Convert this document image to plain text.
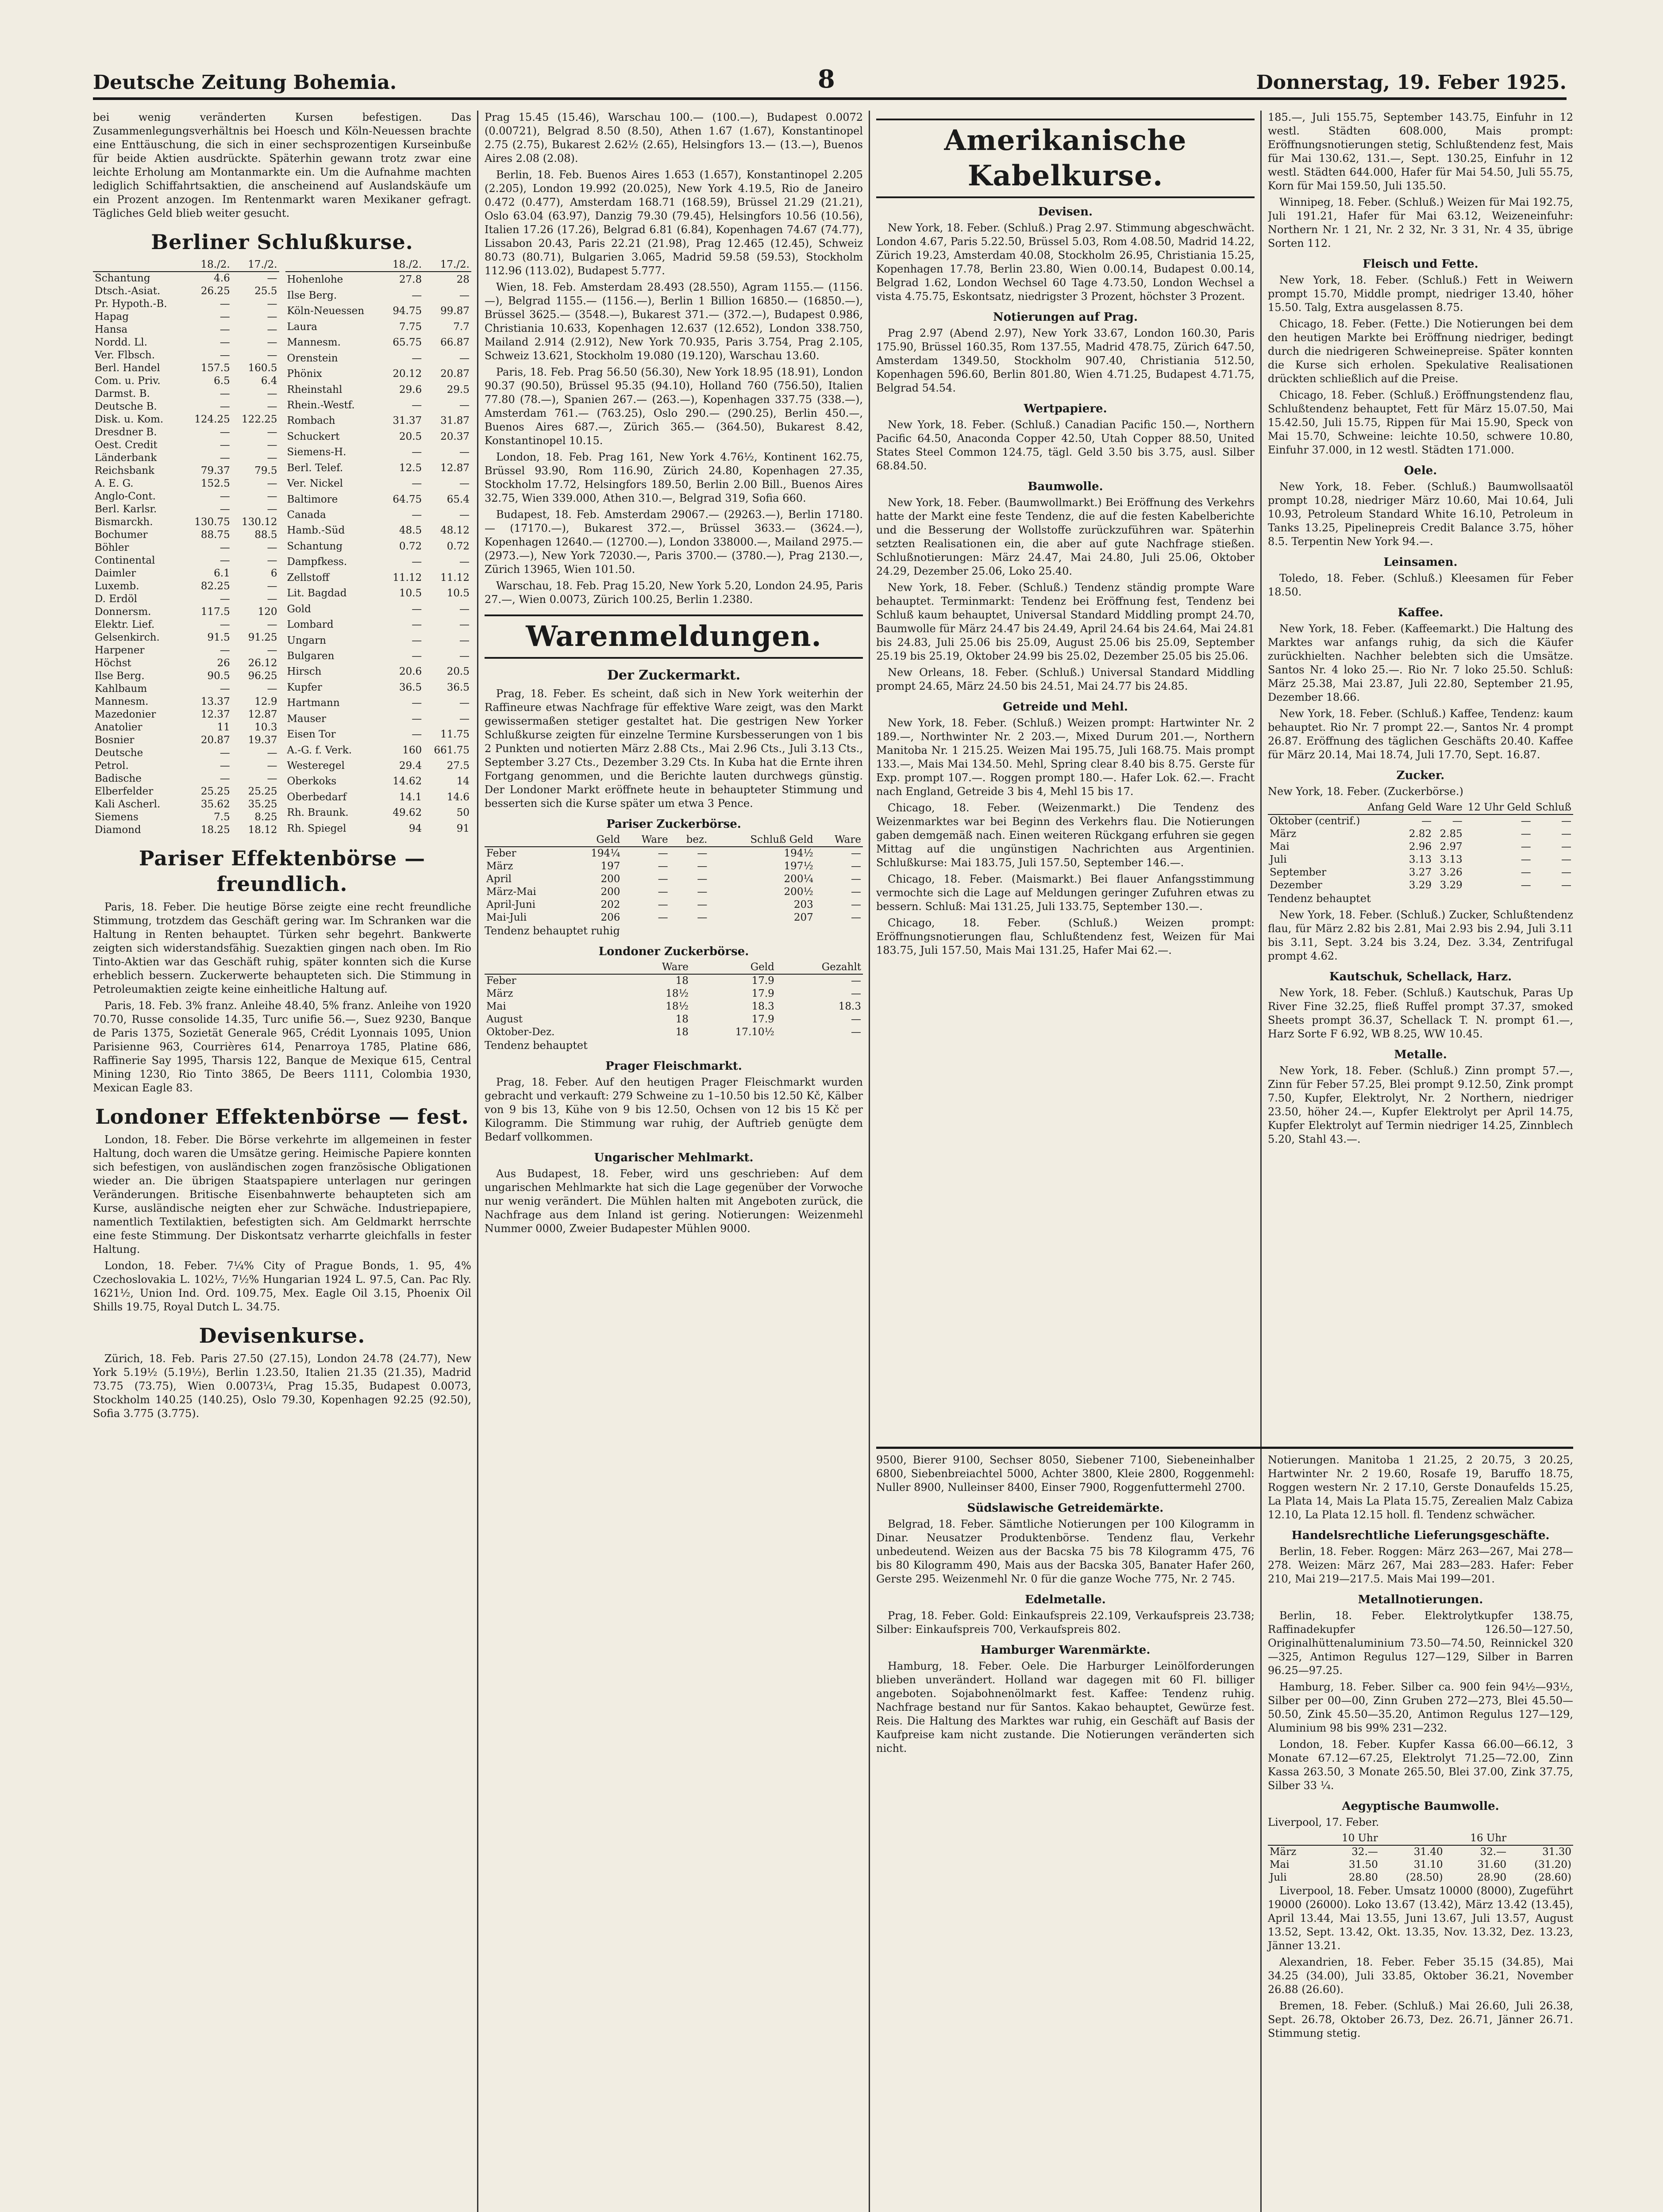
Deutsche Zeitung Bohemia.	8	Donnerstag, 19. Feber 1925.

bei wenig veränderten Kursen befestigen. Das Zusammenlegungsverhältnis bei Hoesch und Köln-Neuessen brachte eine Enttäuschung, die sich in einer sechsprozentigen Kurseinbuße für beide Aktien ausdrückte. Späterhin gewann trotz zwar eine leichte Erholung am Montanmarkte ein. Um die Aufnahme machten lediglich Schiffahrtsaktien, die anscheinend auf Auslandskäufe um ein Prozent anzogen. Im Rentenmarkt waren Mexikaner gefragt. Tägliches Geld blieb weiter gesucht.

Berliner Schlußkurse.
	18./2.	17./2.
Schantung	4.6	—
Dtsch.-Asiat.	26.25	25.5
Pr. Hypoth.-B.	—	—
Hapag	—	—
Hansa	—	—
Nordd. Ll.	—	—
Ver. Flbsch.	—	—
Berl. Handel	157.5	160.5
Com. u. Priv.	6.5	6.4
Darmst. B.	—	—
Deutsche B.	—	—
Disk. u. Kom.	124.25	122.25
Dresdner B.	—	—
Oest. Credit	—	—
Länderbank	—	—
Reichsbank	79.37	79.5
A. E. G.	152.5	—
Anglo-Cont.	—	—
Berl. Karlsr.	—	—
Bismarckh.	130.75	130.12
Bochumer	88.75	88.5
Böhler	—	—
Continental	—	—
Daimler	6.1	6
Luxemb.	82.25	—
D. Erdöl	—	—
Donnersm.	117.5	120
Elektr. Lief.	—	—
Gelsenkirch.	91.5	91.25
Harpener	—	—
Höchst	26	26.12
Ilse Berg.	90.5	96.25
Kahlbaum	—	—
Mannesm.	13.37	12.9
Mazedonier	12.37	12.87
Anatolier	11	10.3
Bosnier	20.87	19.37
Deutsche	—	—
Petrol.	—	—
Badische	—	—
Elberfelder	25.25	25.25
Kali Ascherl.	35.62	35.25
Siemens	7.5	8.25
Diamond	18.25	18.12
	18./2.	17./2.
Hohenlohe	27.8	28
Ilse Berg.	—	—
Köln-Neuessen	94.75	99.87
Laura	7.75	7.7
Mannesm.	65.75	66.87
Orenstein	—	—
Phönix	20.12	20.87
Rheinstahl	29.6	29.5
Rhein.-Westf.	—	—
Rombach	31.37	31.87
Schuckert	20.5	20.37
Siemens-H.	—	—
Berl. Telef.	12.5	12.87
Ver. Nickel	—	—
Baltimore	64.75	65.4
Canada	—	—
Hamb.-Süd	48.5	48.12
Schantung	0.72	0.72
Dampfkess.	—	—
Zellstoff	11.12	11.12
Lit. Bagdad	10.5	10.5
Gold	—	—
Lombard	—	—
Ungarn	—	—
Bulgaren	—	—
Hirsch	20.6	20.5
Kupfer	36.5	36.5
Hartmann	—	—
Mauser	—	—
Eisen Tor	—	11.75
A.-G. f. Verk.	160	661.75
Westeregel	29.4	27.5
Oberkoks	14.62	14
Oberbedarf	14.1	14.6
Rh. Braunk.	49.62	50
Rh. Spiegel	94	91
Pariser Effektenbörse — freundlich.

Paris, 18. Feber. Die heutige Börse zeigte eine recht freundliche Stimmung, trotzdem das Geschäft gering war. Im Schranken war die Haltung in Renten behauptet. Türken sehr begehrt. Bankwerte zeigten sich widerstandsfähig. Suezaktien gingen nach oben. Im Rio Tinto-Aktien war das Geschäft ruhig, später konnten sich die Kurse erheblich bessern. Zuckerwerte behaupteten sich. Die Stimmung in Petroleumaktien zeigte keine einheitliche Haltung auf.

Paris, 18. Feb. 3% franz. Anleihe 48.40, 5% franz. Anleihe von 1920 70.70, Russe consolide 14.35, Turc unifie 56.—, Suez 9230, Banque de Paris 1375, Sozietät Generale 965, Crédit Lyonnais 1095, Union Parisienne 963, Courrières 614, Penarroya 1785, Platine 686, Raffinerie Say 1995, Tharsis 122, Banque de Mexique 615, Central Mining 1230, Rio Tinto 3865, De Beers 1111, Colombia 1930, Mexican Eagle 83.

Londoner Effektenbörse — fest.

London, 18. Feber. Die Börse verkehrte im allgemeinen in fester Haltung, doch waren die Umsätze gering. Heimische Papiere konnten sich befestigen, von ausländischen zogen französische Obligationen wieder an. Die übrigen Staatspapiere unterlagen nur geringen Veränderungen. Britische Eisenbahnwerte behaupteten sich am Kurse, ausländische neigten eher zur Schwäche. Industriepapiere, namentlich Textilaktien, befestigten sich. Am Geldmarkt herrschte eine feste Stimmung. Der Diskontsatz verharrte gleichfalls in fester Haltung.

London, 18. Feber. 7¼% City of Prague Bonds, 1. 95, 4% Czechoslovakia L. 102½, 7½% Hungarian 1924 L. 97.5, Can. Pac Rly. 1621½, Union Ind. Ord. 109.75, Mex. Eagle Oil 3.15, Phoenix Oil Shills 19.75, Royal Dutch L. 34.75.

Devisenkurse.

Zürich, 18. Feb. Paris 27.50 (27.15), London 24.78 (24.77), New York 5.19½ (5.19½), Berlin 1.23.50, Italien 21.35 (21.35), Madrid 73.75 (73.75), Wien 0.0073¼, Prag 15.35, Budapest 0.0073, Stockholm 140.25 (140.25), Oslo 79.30, Kopenhagen 92.25 (92.50), Sofia 3.775 (3.775).

Prag 15.45 (15.46), Warschau 100.— (100.—), Budapest 0.0072 (0.00721), Belgrad 8.50 (8.50), Athen 1.67 (1.67), Konstantinopel 2.75 (2.75), Bukarest 2.62½ (2.65), Helsingfors 13.— (13.—), Buenos Aires 2.08 (2.08).

Berlin, 18. Feb. Buenos Aires 1.653 (1.657), Konstantinopel 2.205 (2.205), London 19.992 (20.025), New York 4.19.5, Rio de Janeiro 0.472 (0.477), Amsterdam 168.71 (168.59), Brüssel 21.29 (21.21), Oslo 63.04 (63.97), Danzig 79.30 (79.45), Helsingfors 10.56 (10.56), Italien 17.26 (17.26), Belgrad 6.81 (6.84), Kopenhagen 74.67 (74.77), Lissabon 20.43, Paris 22.21 (21.98), Prag 12.465 (12.45), Schweiz 80.73 (80.71), Bulgarien 3.065, Madrid 59.58 (59.53), Stockholm 112.96 (113.02), Budapest 5.777.

Wien, 18. Feb. Amsterdam 28.493 (28.550), Agram 1155.— (1156.—), Belgrad 1155.— (1156.—), Berlin 1 Billion 16850.— (16850.—), Brüssel 3625.— (3548.—), Bukarest 371.— (372.—), Budapest 0.986, Christiania 10.633, Kopenhagen 12.637 (12.652), London 338.750, Mailand 2.914 (2.912), New York 70.935, Paris 3.754, Prag 2.105, Schweiz 13.621, Stockholm 19.080 (19.120), Warschau 13.60.

Paris, 18. Feb. Prag 56.50 (56.30), New York 18.95 (18.91), London 90.37 (90.50), Brüssel 95.35 (94.10), Holland 760 (756.50), Italien 77.80 (78.—), Spanien 267.— (263.—), Kopenhagen 337.75 (338.—), Amsterdam 761.— (763.25), Oslo 290.— (290.25), Berlin 450.—, Buenos Aires 687.—, Zürich 365.— (364.50), Bukarest 8.42, Konstantinopel 10.15.

London, 18. Feb. Prag 161, New York 4.76½, Kontinent 162.75, Brüssel 93.90, Rom 116.90, Zürich 24.80, Kopenhagen 27.35, Stockholm 17.72, Helsingfors 189.50, Berlin 2.00 Bill., Buenos Aires 32.75, Wien 339.000, Athen 310.—, Belgrad 319, Sofia 660.

Budapest, 18. Feb. Amsterdam 29067.— (29263.—), Berlin 17180.— (17170.—), Bukarest 372.—, Brüssel 3633.— (3624.—), Kopenhagen 12640.— (12700.—), London 338000.—, Mailand 2975.— (2973.—), New York 72030.—, Paris 3700.— (3780.—), Prag 2130.—, Zürich 13965, Wien 101.50.

Warschau, 18. Feb. Prag 15.20, New York 5.20, London 24.95, Paris 27.—, Wien 0.0073, Zürich 100.25, Berlin 1.2380.

Warenmeldungen.
Der Zuckermarkt.

Prag, 18. Feber. Es scheint, daß sich in New York weiterhin der Raffineure etwas Nachfrage für effektive Ware zeigt, was den Markt gewissermaßen stetiger gestaltet hat. Die gestrigen New Yorker Schlußkurse zeigten für einzelne Termine Kursbesserungen von 1 bis 2 Punkten und notierten März 2.88 Cts., Mai 2.96 Cts., Juli 3.13 Cts., September 3.27 Cts., Dezember 3.29 Cts. In Kuba hat die Ernte ihren Fortgang genommen, und die Berichte lauten durchwegs günstig. Der Londoner Markt eröffnete heute in behaupteter Stimmung und besserten sich die Kurse später um etwa 3 Pence.

Pariser Zuckerbörse.
	Geld	Ware	bez.	Schluß Geld	Ware
Feber	194¼	—	—	194½	—
März	197	—	—	197½	—
April	200	—	—	200¼	—
März-Mai	200	—	—	200½	—
April-Juni	202	—	—	203	—
Mai-Juli	206	—	—	207	—

Tendenz behauptet ruhig

Londoner Zuckerbörse.
	Ware	Geld	Gezahlt
Feber	18	17.9	—
März	18½	17.9	—
Mai	18½	18.3	18.3
August	18	17.9	—
Oktober-Dez.	18	17.10½	—

Tendenz behauptet

Prager Fleischmarkt.

Prag, 18. Feber. Auf den heutigen Prager Fleischmarkt wurden gebracht und verkauft: 279 Schweine zu 1–10.50 bis 12.50 Kč, Kälber von 9 bis 13, Kühe von 9 bis 12.50, Ochsen von 12 bis 15 Kč per Kilogramm. Die Stimmung war ruhig, der Auftrieb genügte dem Bedarf vollkommen.

Ungarischer Mehlmarkt.

Aus Budapest, 18. Feber, wird uns geschrieben: Auf dem ungarischen Mehlmarkte hat sich die Lage gegenüber der Vorwoche nur wenig verändert. Die Mühlen halten mit Angeboten zurück, die Nachfrage aus dem Inland ist gering. Notierungen: Weizenmehl Nummer 0000, Zweier Budapester Mühlen 9000.

Amerikanische Kabelkurse.
Devisen.

New York, 18. Feber. (Schluß.) Prag 2.97. Stimmung abgeschwächt. London 4.67, Paris 5.22.50, Brüssel 5.03, Rom 4.08.50, Madrid 14.22, Zürich 19.23, Amsterdam 40.08, Stockholm 26.95, Christiania 15.25, Kopenhagen 17.78, Berlin 23.80, Wien 0.00.14, Budapest 0.00.14, Belgrad 1.62, London Wechsel 60 Tage 4.73.50, London Wechsel a vista 4.75.75, Eskontsatz, niedrigster 3 Prozent, höchster 3 Prozent.

Notierungen auf Prag.

Prag 2.97 (Abend 2.97), New York 33.67, London 160.30, Paris 175.90, Brüssel 160.35, Rom 137.55, Madrid 478.75, Zürich 647.50, Amsterdam 1349.50, Stockholm 907.40, Christiania 512.50, Kopenhagen 596.60, Berlin 801.80, Wien 4.71.25, Budapest 4.71.75, Belgrad 54.54.

Wertpapiere.

New York, 18. Feber. (Schluß.) Canadian Pacific 150.—, Northern Pacific 64.50, Anaconda Copper 42.50, Utah Copper 88.50, United States Steel Common 124.75, tägl. Geld 3.50 bis 3.75, ausl. Silber 68.84.50.

Baumwolle.

New York, 18. Feber. (Baumwollmarkt.) Bei Eröffnung des Verkehrs hatte der Markt eine feste Tendenz, die auf die festen Kabelberichte und die Besserung der Wollstoffe zurückzuführen war. Späterhin setzten Realisationen ein, die aber auf gute Nachfrage stießen. Schlußnotierungen: März 24.47, Mai 24.80, Juli 25.06, Oktober 24.29, Dezember 25.06, Loko 25.40.

New York, 18. Feber. (Schluß.) Tendenz ständig prompte Ware behauptet. Terminmarkt: Tendenz bei Eröffnung fest, Tendenz bei Schluß kaum behauptet, Universal Standard Middling prompt 24.70, Baumwolle für März 24.47 bis 24.49, April 24.64 bis 24.64, Mai 24.81 bis 24.83, Juli 25.06 bis 25.09, August 25.06 bis 25.09, September 25.19 bis 25.19, Oktober 24.99 bis 25.02, Dezember 25.05 bis 25.06.

New Orleans, 18. Feber. (Schluß.) Universal Standard Middling prompt 24.65, März 24.50 bis 24.51, Mai 24.77 bis 24.85.

Getreide und Mehl.

New York, 18. Feber. (Schluß.) Weizen prompt: Hartwinter Nr. 2 189.—, Northwinter Nr. 2 203.—, Mixed Durum 201.—, Northern Manitoba Nr. 1 215.25. Weizen Mai 195.75, Juli 168.75. Mais prompt 133.—, Mais Mai 134.50. Mehl, Spring clear 8.40 bis 8.75. Gerste für Exp. prompt 107.—. Roggen prompt 180.—. Hafer Lok. 62.—. Fracht nach England, Getreide 3 bis 4, Mehl 15 bis 17.

Chicago, 18. Feber. (Weizenmarkt.) Die Tendenz des Weizenmarktes war bei Beginn des Verkehrs flau. Die Notierungen gaben demgemäß nach. Einen weiteren Rückgang erfuhren sie gegen Mittag auf die ungünstigen Nachrichten aus Argentinien. Schlußkurse: Mai 183.75, Juli 157.50, September 146.—.

Chicago, 18. Feber. (Maismarkt.) Bei flauer Anfangsstimmung vermochte sich die Lage auf Meldungen geringer Zufuhren etwas zu bessern. Schluß: Mai 131.25, Juli 133.75, September 130.—.

Chicago, 18. Feber. (Schluß.) Weizen prompt: Eröffnungsnotierungen flau, Schlußtendenz fest, Weizen für Mai 183.75, Juli 157.50, Mais Mai 131.25, Hafer Mai 62.—.

185.—, Juli 155.75, September 143.75, Einfuhr in 12 westl. Städten 608.000, Mais prompt: Eröffnungsnotierungen stetig, Schlußtendenz fest, Mais für Mai 130.62, 131.—, Sept. 130.25, Einfuhr in 12 westl. Städten 644.000, Hafer für Mai 54.50, Juli 55.75, Korn für Mai 159.50, Juli 135.50.

Winnipeg, 18. Feber. (Schluß.) Weizen für Mai 192.75, Juli 191.21, Hafer für Mai 63.12, Weizeneinfuhr: Northern Nr. 1 21, Nr. 2 32, Nr. 3 31, Nr. 4 35, übrige Sorten 112.

Fleisch und Fette.

New York, 18. Feber. (Schluß.) Fett in Weiwern prompt 15.70, Middle prompt, niedriger 13.40, höher 15.50. Talg, Extra ausgelassen 8.75.

Chicago, 18. Feber. (Fette.) Die Notierungen bei dem den heutigen Markte bei Eröffnung niedriger, bedingt durch die niedrigeren Schweinepreise. Später konnten die Kurse sich erholen. Spekulative Realisationen drückten schließlich auf die Preise.

Chicago, 18. Feber. (Schluß.) Eröffnungstendenz flau, Schlußtendenz behauptet, Fett für März 15.07.50, Mai 15.42.50, Juli 15.75, Rippen für Mai 15.90, Speck von Mai 15.70, Schweine: leichte 10.50, schwere 10.80, Einfuhr 37.000, in 12 westl. Städten 171.000.

Oele.

New York, 18. Feber. (Schluß.) Baumwollsaatöl prompt 10.28, niedriger März 10.60, Mai 10.64, Juli 10.93, Petroleum Standard White 16.10, Petroleum in Tanks 13.25, Pipelinepreis Credit Balance 3.75, höher 8.5. Terpentin New York 94.—.

Leinsamen.

Toledo, 18. Feber. (Schluß.) Kleesamen für Feber 18.50.

Kaffee.

New York, 18. Feber. (Kaffeemarkt.) Die Haltung des Marktes war anfangs ruhig, da sich die Käufer zurückhielten. Nachher belebten sich die Umsätze. Santos Nr. 4 loko 25.—. Rio Nr. 7 loko 25.50. Schluß: März 25.38, Mai 23.87, Juli 22.80, September 21.95, Dezember 18.66.

New York, 18. Feber. (Schluß.) Kaffee, Tendenz: kaum behauptet. Rio Nr. 7 prompt 22.—, Santos Nr. 4 prompt 26.87. Eröffnung des täglichen Geschäfts 20.40. Kaffee für März 20.14, Mai 18.74, Juli 17.70, Sept. 16.87.

Zucker.

New York, 18. Feber. (Zuckerbörse.)

	Anfang Geld	Ware	12 Uhr Geld	Schluß
Oktober (centrif.)	—	—	—	—
März	2.82	2.85	—	—
Mai	2.96	2.97	—	—
Juli	3.13	3.13	—	—
September	3.27	3.26	—	—
Dezember	3.29	3.29	—	—

Tendenz behauptet

New York, 18. Feber. (Schluß.) Zucker, Schlußtendenz flau, für März 2.82 bis 2.81, Mai 2.93 bis 2.94, Juli 3.11 bis 3.11, Sept. 3.24 bis 3.24, Dez. 3.34, Zentrifugal prompt 4.62.

Kautschuk, Schellack, Harz.

New York, 18. Feber. (Schluß.) Kautschuk, Paras Up River Fine 32.25, fließ Ruffel prompt 37.37, smoked Sheets prompt 36.37, Schellack T. N. prompt 61.—, Harz Sorte F 6.92, WB 8.25, WW 10.45.

Metalle.

New York, 18. Feber. (Schluß.) Zinn prompt 57.—, Zinn für Feber 57.25, Blei prompt 9.12.50, Zink prompt 7.50, Kupfer, Elektrolyt, Nr. 2 Northern, niedriger 23.50, höher 24.—, Kupfer Elektrolyt per April 14.75, Kupfer Elektrolyt auf Termin niedriger 14.25, Zinnblech 5.20, Stahl 43.—.

9500, Bierer 9100, Sechser 8050, Siebener 7100, Siebeneinhalber 6800, Siebenbreiachtel 5000, Achter 3800, Kleie 2800, Roggenmehl: Nuller 8900, Nulleinser 8400, Einser 7900, Roggenfuttermehl 2700.

Südslawische Getreidemärkte.

Belgrad, 18. Feber. Sämtliche Notierungen per 100 Kilogramm in Dinar. Neusatzer Produktenbörse. Tendenz flau, Verkehr unbedeutend. Weizen aus der Bacska 75 bis 78 Kilogramm 475, 76 bis 80 Kilogramm 490, Mais aus der Bacska 305, Banater Hafer 260, Gerste 295. Weizenmehl Nr. 0 für die ganze Woche 775, Nr. 2 745.

Edelmetalle.

Prag, 18. Feber. Gold: Einkaufspreis 22.109, Verkaufspreis 23.738; Silber: Einkaufspreis 700, Verkaufspreis 802.

Hamburger Warenmärkte.

Hamburg, 18. Feber. Oele. Die Harburger Leinölforderungen blieben unverändert. Holland war dagegen mit 60 Fl. billiger angeboten. Sojabohnenölmarkt fest. Kaffee: Tendenz ruhig. Nachfrage bestand nur für Santos. Kakao behauptet, Gewürze fest. Reis. Die Haltung des Marktes war ruhig, ein Geschäft auf Basis der Kaufpreise kam nicht zustande. Die Notierungen veränderten sich nicht.

Notierungen. Manitoba 1 21.25, 2 20.75, 3 20.25, Hartwinter Nr. 2 19.60, Rosafe 19, Baruffo 18.75, Roggen western Nr. 2 17.10, Gerste Donaufelds 15.25, La Plata 14, Mais La Plata 15.75, Zerealien Malz Cabiza 12.10, La Plata 12.15 holl. fl. Tendenz schwächer.

Handelsrechtliche Lieferungsgeschäfte.

Berlin, 18. Feber. Roggen: März 263—267, Mai 278—278. Weizen: März 267, Mai 283—283. Hafer: Feber 210, Mai 219—217.5. Mais Mai 199—201.

Metallnotierungen.

Berlin, 18. Feber. Elektrolytkupfer 138.75, Raffinadekupfer 126.50—127.50, Originalhüttenaluminium 73.50—74.50, Reinnickel 320—325, Antimon Regulus 127—129, Silber in Barren 96.25—97.25.

Hamburg, 18. Feber. Silber ca. 900 fein 94½—93½, Silber per 00—00, Zinn Gruben 272—273, Blei 45.50—50.50, Zink 45.50—35.20, Antimon Regulus 127—129, Aluminium 98 bis 99% 231—232.

London, 18. Feber. Kupfer Kassa 66.00—66.12, 3 Monate 67.12—67.25, Elektrolyt 71.25—72.00, Zinn Kassa 263.50, 3 Monate 265.50, Blei 37.00, Zink 37.75, Silber 33 ¼.

Aegyptische Baumwolle.

Liverpool, 17. Feber.

	10 Uhr		16 Uhr	
März	32.—	31.40	32.—	31.30
Mai	31.50	31.10	31.60	(31.20)
Juli	28.80	(28.50)	28.90	(28.60)

Liverpool, 18. Feber. Umsatz 10000 (8000), Zugeführt 19000 (26000). Loko 13.67 (13.42), März 13.42 (13.45), April 13.44, Mai 13.55, Juni 13.67, Juli 13.57, August 13.52, Sept. 13.42, Okt. 13.35, Nov. 13.32, Dez. 13.23, Jänner 13.21.

Alexandrien, 18. Feber. Feber 35.15 (34.85), Mai 34.25 (34.00), Juli 33.85, Oktober 36.21, November 26.88 (26.60).

Bremen, 18. Feber. (Schluß.) Mai 26.60, Juli 26.38, Sept. 26.78, Oktober 26.73, Dez. 26.71, Jänner 26.71. Stimmung stetig.
